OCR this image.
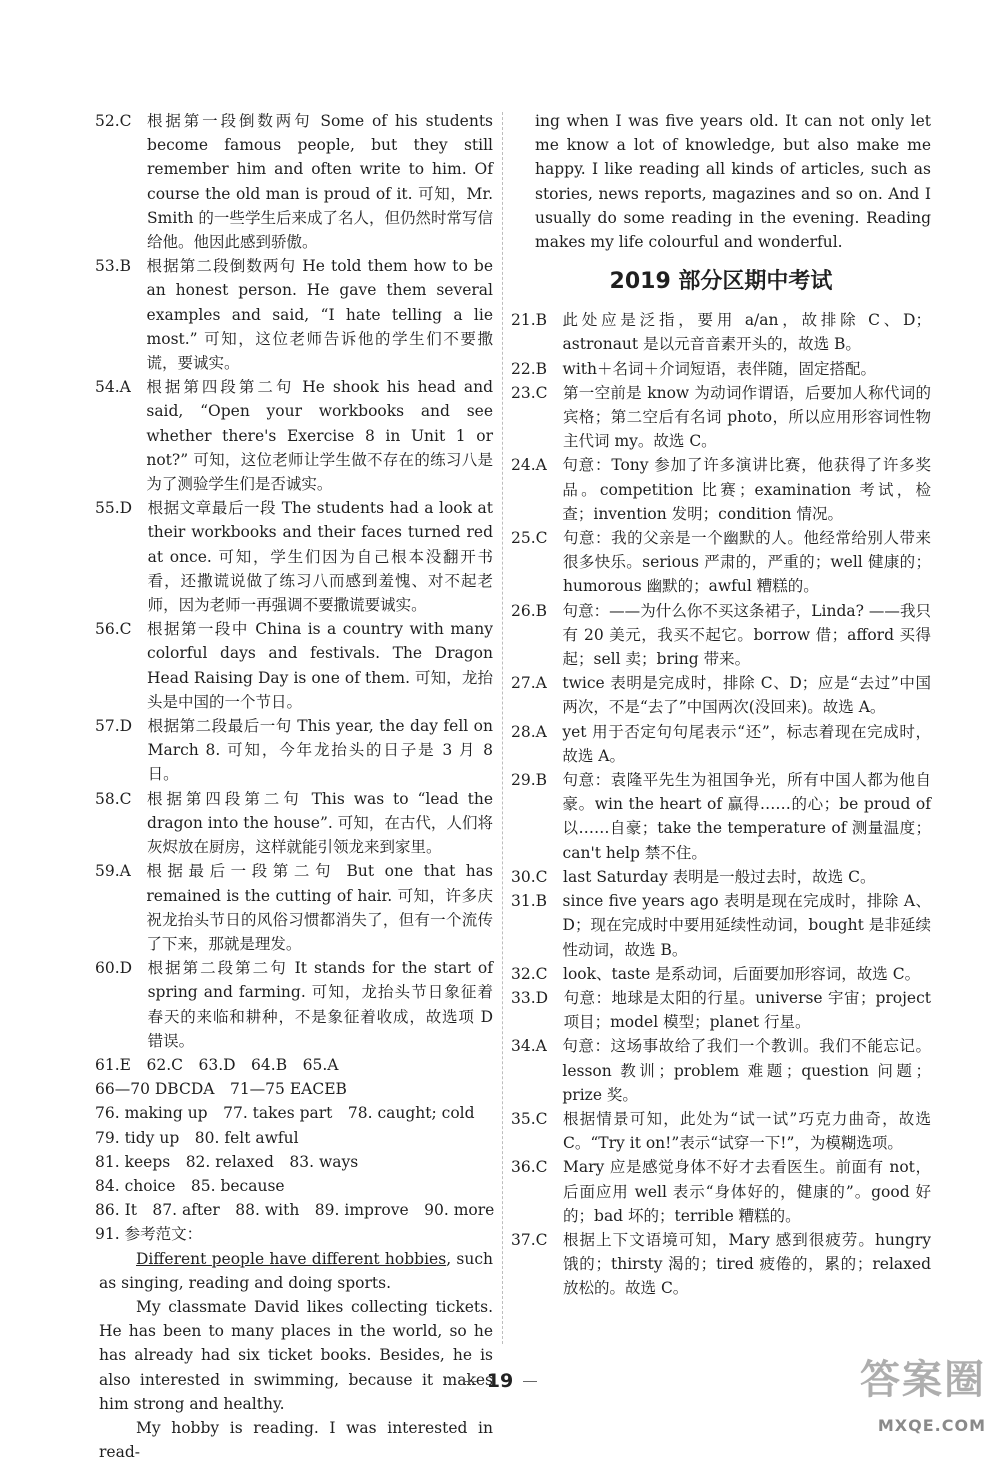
52.C　 根据第一段倒数两句 Some of his students become famous people, but they still remember him and often write to him. Of course the old man is proud of it. 可知，Mr. Smith 的一些学生后来成了名人，但仍然时常写信给他。他因此感到骄傲。
53.B　 根据第二段倒数两句 He told them how to be an honest person. He gave them several examples and said, “I hate telling a lie most.” 可知，这位老师告诉他的学生们不要撒谎，要诚实。
54.A　 根据第四段第二句 He shook his head and said, “Open your workbooks and see whether there's Exercise 8 in Unit 1 or not?” 可知，这位老师让学生做不存在的练习八是为了测验学生们是否诚实。
55.D　 根据文章最后一段 The students had a look at their workbooks and their faces turned red at once. 可知，学生们因为自己根本没翻开书看，还撒谎说做了练习八而感到羞愧、对不起老师，因为老师一再强调不要撒谎要诚实。
56.C　 根据第一段中 China is a country with many colorful days and festivals. The Dragon Head Raising Day is one of them. 可知，龙抬头是中国的一个节日。
57.D　 根据第二段最后一句 This year, the day fell on March 8. 可知，今年龙抬头的日子是 3 月 8 日。
58.C　 根据第四段第二句 This was to “lead the dragon into the house”. 可知，在古代，人们将灰烬放在厨房，这样就能引领龙来到家里。
59.A　 根据最后一段第二句 But one that has remained is the cutting of hair. 可知，许多庆祝龙抬头节日的风俗习惯都消失了，但有一个流传了下来，那就是理发。
60.D　 根据第二段第二句 It stands for the start of spring and farming. 可知，龙抬头节日象征着春天的来临和耕种，不是象征着收成，故选项 D 错误。
61.E　62.C　63.D　64.B　65.A
66—70 DBCDA　71—75 EACEB
76. making up　77. takes part　78. caught; cold
79. tidy up　80. felt awful
81. keeps　82. relaxed　83. ways
84. choice　85. because
86. It　87. after　88. with　89. improve　90. more
91. 参考范文：
Different people have different hobbies, such as singing, reading and doing sports.
My classmate David likes collecting tickets. He has been to many places in the world, so he has already had six ticket books. Besides, he is also interested in swimming, because it makes him strong and healthy.
My hobby is reading. I was interested in read-
ing when I was five years old. It can not only let me know a lot of knowledge, but also make me happy. I like reading all kinds of articles, such as stories, news reports, magazines and so on. And I usually do some reading in the evening. Reading makes my life colourful and wonderful.
2019 部分区期中考试
21.B　 此处应是泛指，要用 a/an，故排除 C、D；astronaut 是以元音音素开头的，故选 B。
22.B　 with＋名词＋介词短语，表伴随，固定搭配。
23.C　 第一空前是 know 为动词作谓语，后要加人称代词的宾格；第二空后有名词 photo，所以应用形容词性物主代词 my。故选 C。
24.A　 句意：Tony 参加了许多演讲比赛，他获得了许多奖品。competition 比赛；examination 考试，检查；invention 发明；condition 情况。
25.C　 句意：我的父亲是一个幽默的人。他经常给别人带来很多快乐。serious 严肃的，严重的；well 健康的；humorous 幽默的；awful 糟糕的。
26.B　 句意：——为什么你不买这条裙子，Linda? ——我只有 20 美元，我买不起它。borrow 借；afford 买得起；sell 卖；bring 带来。
27.A　 twice 表明是完成时，排除 C、D；应是“去过”中国两次，不是“去了”中国两次(没回来)。故选 A。
28.A　 yet 用于否定句句尾表示“还”，标志着现在完成时，故选 A。
29.B　 句意：袁隆平先生为祖国争光，所有中国人都为他自豪。win the heart of 赢得……的心；be proud of 以……自豪；take the temperature of 测量温度；can't help 禁不住。
30.C　 last Saturday 表明是一般过去时，故选 C。
31.B　 since five years ago 表明是现在完成时，排除 A、D；现在完成时中要用延续性动词，bought 是非延续性动词，故选 B。
32.C　 look、taste 是系动词，后面要加形容词，故选 C。
33.D　 句意：地球是太阳的行星。universe 宇宙；project 项目；model 模型；planet 行星。
34.A　 句意：这场事故给了我们一个教训。我们不能忘记。lesson 教训；problem 难题；question 问题；prize 奖。
35.C　 根据情景可知，此处为“试一试”巧克力曲奇，故选 C。“Try it on!”表示“试穿一下!”，为模糊选项。
36.C　 Mary 应是感觉身体不好才去看医生。前面有 not，后面应用 well 表示“身体好的，健康的”。good 好的；bad 坏的；terrible 糟糕的。
37.C　 根据上下文语境可知，Mary 感到很疲劳。hungry 饿的；thirsty 渴的；tired 疲倦的，累的；relaxed 放松的。故选 C。
19	答案圈
MXQE.COM
